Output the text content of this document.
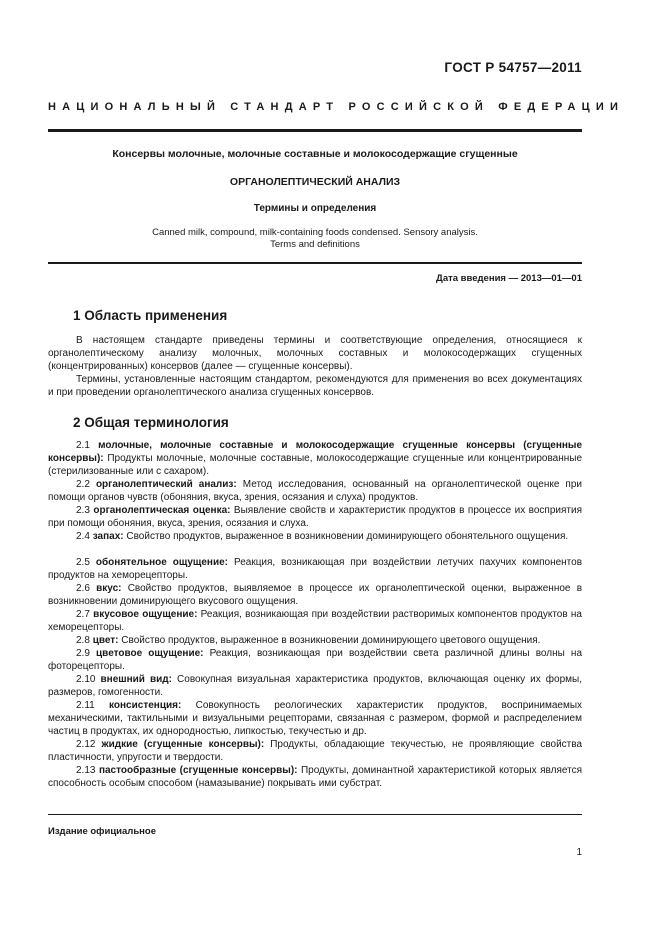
ГОСТ Р 54757—2011
НАЦИОНАЛЬНЫЙ СТАНДАРТ РОССИЙСКОЙ ФЕДЕРАЦИИ
Консервы молочные, молочные составные и молокосодержащие сгущенные
ОРГАНОЛЕПТИЧЕСКИЙ АНАЛИЗ
Термины и определения
Canned milk, compound, milk-containing foods condensed. Sensory analysis.
Terms and definitions
Дата введения — 2013—01—01
1 Область применения
В настоящем стандарте приведены термины и соответствующие определения, относящиеся к органолептическому анализу молочных, молочных составных и молокосодержащих сгущенных (концентрированных) консервов (далее — сгущенные консервы).
Термины, установленные настоящим стандартом, рекомендуются для применения во всех документациях и при проведении органолептического анализа сгущенных консервов.
2 Общая терминология
2.1 молочные, молочные составные и молокосодержащие сгущенные консервы (сгущенные консервы): Продукты молочные, молочные составные, молокосодержащие сгущенные или концентрированные (стерилизованные или с сахаром).
2.2 органолептический анализ: Метод исследования, основанный на органолептической оценке при помощи органов чувств (обоняния, вкуса, зрения, осязания и слуха) продуктов.
2.3 органолептическая оценка: Выявление свойств и характеристик продуктов в процессе их восприятия при помощи обоняния, вкуса, зрения, осязания и слуха.
2.4 запах: Свойство продуктов, выраженное в возникновении доминирующего обонятельного ощущения.
2.5 обонятельное ощущение: Реакция, возникающая при воздействии летучих пахучих компонентов продуктов на хеморецепторы.
2.6 вкус: Свойство продуктов, выявляемое в процессе их органолептической оценки, выраженное в возникновении доминирующего вкусового ощущения.
2.7 вкусовое ощущение: Реакция, возникающая при воздействии растворимых компонентов продуктов на хеморецепторы.
2.8 цвет: Свойство продуктов, выраженное в возникновении доминирующего цветового ощущения.
2.9 цветовое ощущение: Реакция, возникающая при воздействии света различной длины волны на фоторецепторы.
2.10 внешний вид: Совокупная визуальная характеристика продуктов, включающая оценку их формы, размеров, гомогенности.
2.11 консистенция: Совокупность реологических характеристик продуктов, воспринимаемых механическими, тактильными и визуальными рецепторами, связанная с размером, формой и распределением частиц в продуктах, их однородностью, липкостью, текучестью и др.
2.12 жидкие (сгущенные консервы): Продукты, обладающие текучестью, не проявляющие свойства пластичности, упругости и твердости.
2.13 пастообразные (сгущенные консервы): Продукты, доминантной характеристикой которых является способность особым способом (намазывание) покрывать ими субстрат.
Издание официальное
1
